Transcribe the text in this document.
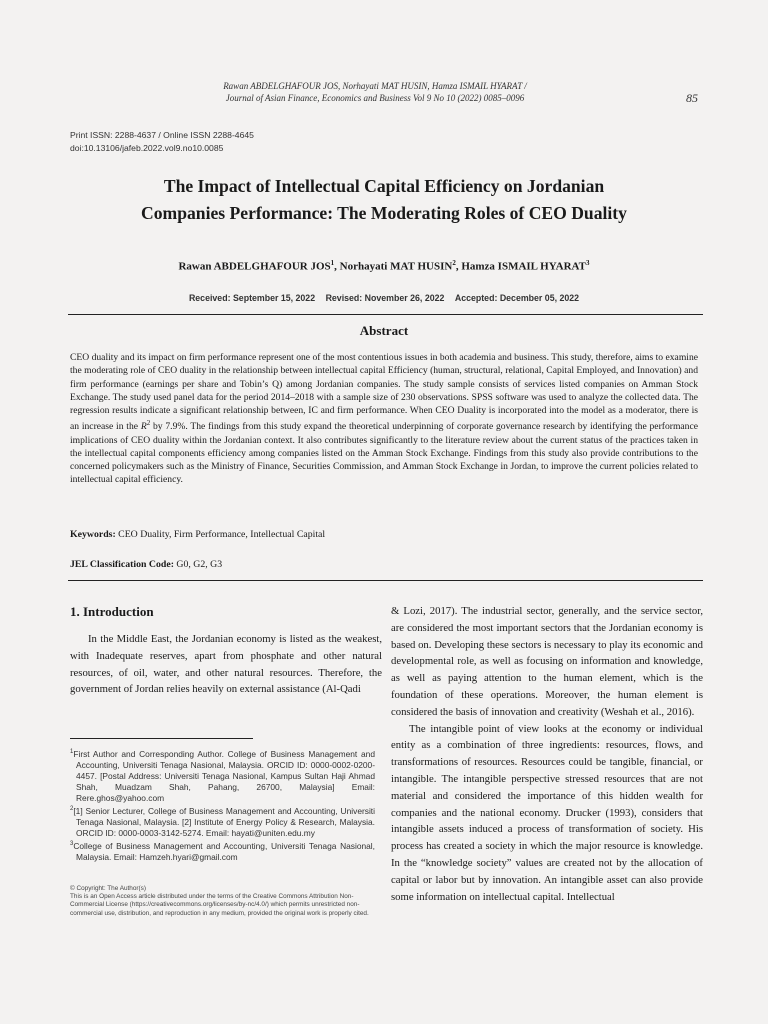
Rawan ABDELGHAFOUR JOS, Norhayati MAT HUSIN, Hamza ISMAIL HYARAT /
Journal of Asian Finance, Economics and Business Vol 9 No 10 (2022) 0085–0096	85
Print ISSN: 2288-4637 / Online ISSN 2288-4645
doi:10.13106/jafeb.2022.vol9.no10.0085
The Impact of Intellectual Capital Efficiency on Jordanian
Companies Performance: The Moderating Roles of CEO Duality
Rawan ABDELGHAFOUR JOS$^1$, Norhayati MAT HUSIN$^2$, Hamza ISMAIL HYARAT$^3$
Received: September 15, 2022 Revised: November 26, 2022 Accepted: December 05, 2022
Abstract
CEO duality and its impact on firm performance represent one of the most contentious issues in both academia and business. This study, therefore, aims to examine the moderating role of CEO duality in the relationship between intellectual capital Efficiency (human, structural, relational, Capital Employed, and Innovation) and firm performance (earnings per share and Tobin’s Q) among Jordanian companies. The study sample consists of services listed companies on Amman Stock Exchange. The study used panel data for the period 2014–2018 with a sample size of 230 observations. SPSS software was used to analyze the collected data. The regression results indicate a significant relationship between, IC and firm performance. When CEO Duality is incorporated into the model as a moderator, there is an increase in the $R^2$ by 7.9%. The findings from this study expand the theoretical underpinning of corporate governance research by identifying the performance implications of CEO duality within the Jordanian context. It also contributes significantly to the literature review about the current status of the practices taken in the intellectual capital components efficiency among companies listed on the Amman Stock Exchange. Findings from this study also provide contributions to the concerned policymakers such as the Ministry of Finance, Securities Commission, and Amman Stock Exchange in Jordan, to improve the current policies related to intellectual capital efficiency.
Keywords: CEO Duality, Firm Performance, Intellectual Capital
JEL Classification Code: G0, G2, G3
1. Introduction

In the Middle East, the Jordanian economy is listed as the weakest, with Inadequate reserves, apart from phosphate and other natural resources, of oil, water, and other natural resources. Therefore, the government of Jordan relies heavily on external assistance (Al-Qadi

$^1$First Author and Corresponding Author. College of Business Management and Accounting, Universiti Tenaga Nasional, Malaysia. ORCID ID: 0000-0002-0200-4457. [Postal Address: Universiti Tenaga Nasional, Kampus Sultan Haji Ahmad Shah, Muadzam Shah, Pahang, 26700, Malaysia] Email: Rere.ghos@yahoo.com
$^2$[1] Senior Lecturer, College of Business Management and Accounting, Universiti Tenaga Nasional, Malaysia. [2] Institute of Energy Policy & Research, Malaysia. ORCID ID: 0000-0003-3142-5274. Email: hayati@uniten.edu.my
$^3$College of Business Management and Accounting, Universiti Tenaga Nasional, Malaysia. Email: Hamzeh.hyari@gmail.com
© Copyright: The Author(s)
This is an Open Access article distributed under the terms of the Creative Commons Attribution Non-Commercial License (https://creativecommons.org/licenses/by-nc/4.0/) which permits unrestricted non-commercial use, distribution, and reproduction in any medium, provided the original work is properly cited.

& Lozi, 2017). The industrial sector, generally, and the service sector, are considered the most important sectors that the Jordanian economy is based on. Developing these sectors is necessary to play its economic and developmental role, as well as focusing on information and knowledge, as well as paying attention to the human element, which is the foundation of these operations. Moreover, the human element is considered the basis of innovation and creativity (Weshah et al., 2016).

The intangible point of view looks at the economy or individual entity as a combination of three ingredients: resources, flows, and transformations of resources. Resources could be tangible, financial, or intangible. The intangible perspective stressed resources that are not material and considered the importance of this hidden wealth for companies and the national economy. Drucker (1993), considers that intangible assets induced a process of transformation of society. His process has created a society in which the major resource is knowledge. In the “knowledge society” values are created not by the allocation of capital or labor but by innovation. An intangible asset can also provide some information on intellectual capital. Intellectual
